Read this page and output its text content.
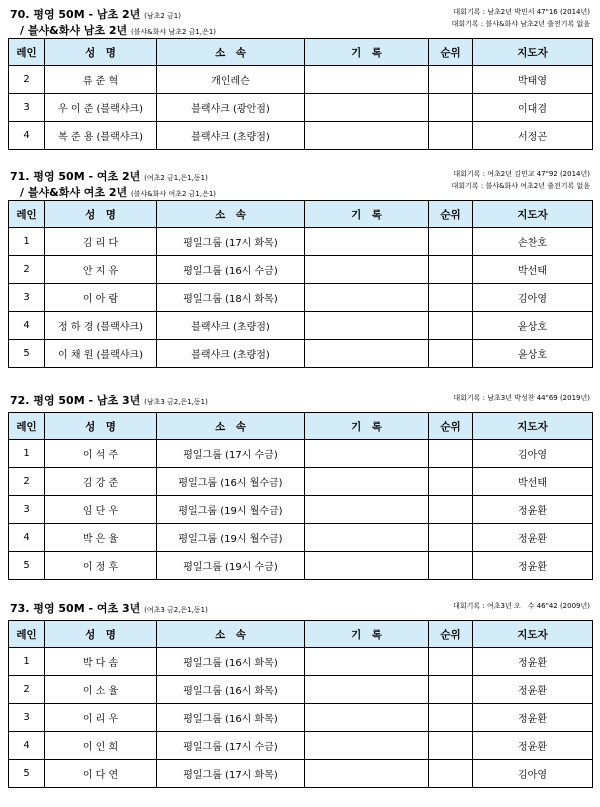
70. 평영 50M - 남초 2년 (남초2 금1)
/ 블샤&화샤 남초 2년 (블샤&화샤 남초2 금1,은1)
대회기록 : 남초2년 박민서 47"16 (2014년)
대회기록 : 블샤&화샤 남초2년 출전기록 없음
레인	성　명	소　속	기　록	순위	지도자
2	류 준 혁	개인레슨			박태영
3	우 이 준 (블랙샤크)	블랙샤크 (광안점)			이대겸
4	복 준 용 (블랙샤크)	블랙샤크 (초량점)			서정곤
71. 평영 50M - 여초 2년 (여초2 금1,은1,동1)
/ 블샤&화샤 여초 2년 (블샤&화샤 여초2 금1,은1)
대회기록 : 여초2년 김민교 47"92 (2014년)
대회기록 : 블샤&화샤 여초2년 출전기록 없음
레인	성　명	소　속	기　록	순위	지도자
1	김 리 다	평일그룹 (17시 화목)			손찬호
2	안 지 유	평일그룹 (16시 수금)			박선태
3	이 아 람	평일그룹 (18시 화목)			김아영
4	정 하 경 (블랙샤크)	블랙샤크 (초량점)			윤상호
5	이 채 원 (블랙샤크)	블랙샤크 (초량점)			윤상호
72. 평영 50M - 남초 3년 (남초3 금2,은1,동1)	대회기록 : 남초3년 박성찬 44"69 (2019년)
레인	성　명	소　속	기　록	순위	지도자
1	이 석 주	평일그룹 (17시 수금)			김아영
2	김 강 준	평일그룹 (16시 월수금)			박선태
3	임 단 우	평일그룹 (19시 월수금)			정윤환
4	박 은 율	평일그룹 (19시 월수금)			정윤환
5	이 정 후	평일그룹 (19시 수금)			정윤환
73. 평영 50M - 여초 3년 (여초3 금2,은1,동1)	대회기록 : 여초3년 오　수 46"42 (2009년)
레인	성　명	소　속	기　록	순위	지도자
1	박 다 솜	평일그룹 (16시 화목)			정윤환
2	이 소 율	평일그룹 (16시 화목)			정윤환
3	이 리 우	평일그룹 (16시 화목)			정윤환
4	이 인 희	평일그룹 (17시 수금)			정윤환
5	이 다 연	평일그룹 (17시 화목)			김아영
